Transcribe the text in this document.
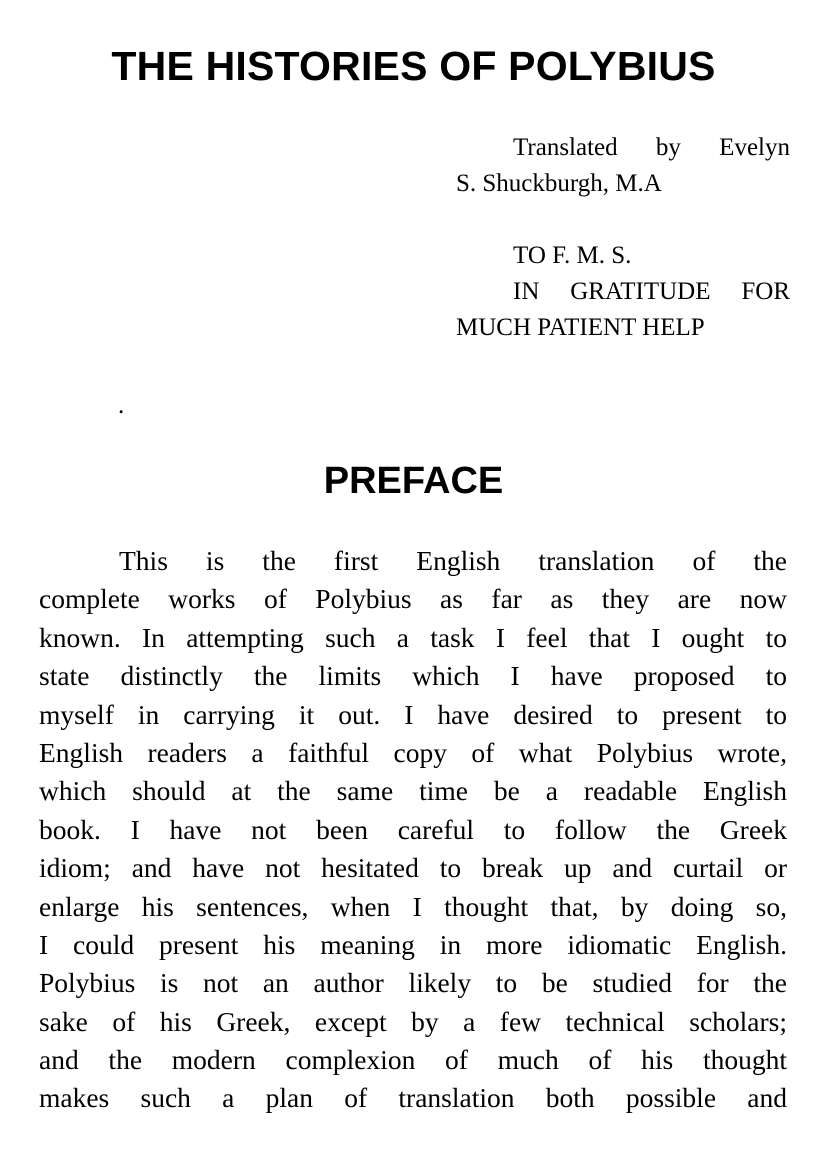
THE HISTORIES OF POLYBIUS

Translated by Evelyn

S. Shuckburgh, M.A

TO F. M. S.

IN GRATITUDE FOR

MUCH PATIENT HELP

.
PREFACE
This is the first English translation of the
complete works of Polybius as far as they are now
known. In attempting such a task I feel that I ought to
state distinctly the limits which I have proposed to
myself in carrying it out. I have desired to present to
English readers a faithful copy of what Polybius wrote,
which should at the same time be a readable English
book. I have not been careful to follow the Greek
idiom; and have not hesitated to break up and curtail or
enlarge his sentences, when I thought that, by doing so,
I could present his meaning in more idiomatic English.
Polybius is not an author likely to be studied for the
sake of his Greek, except by a few technical scholars;
and the modern complexion of much of his thought
makes such a plan of translation both possible and
